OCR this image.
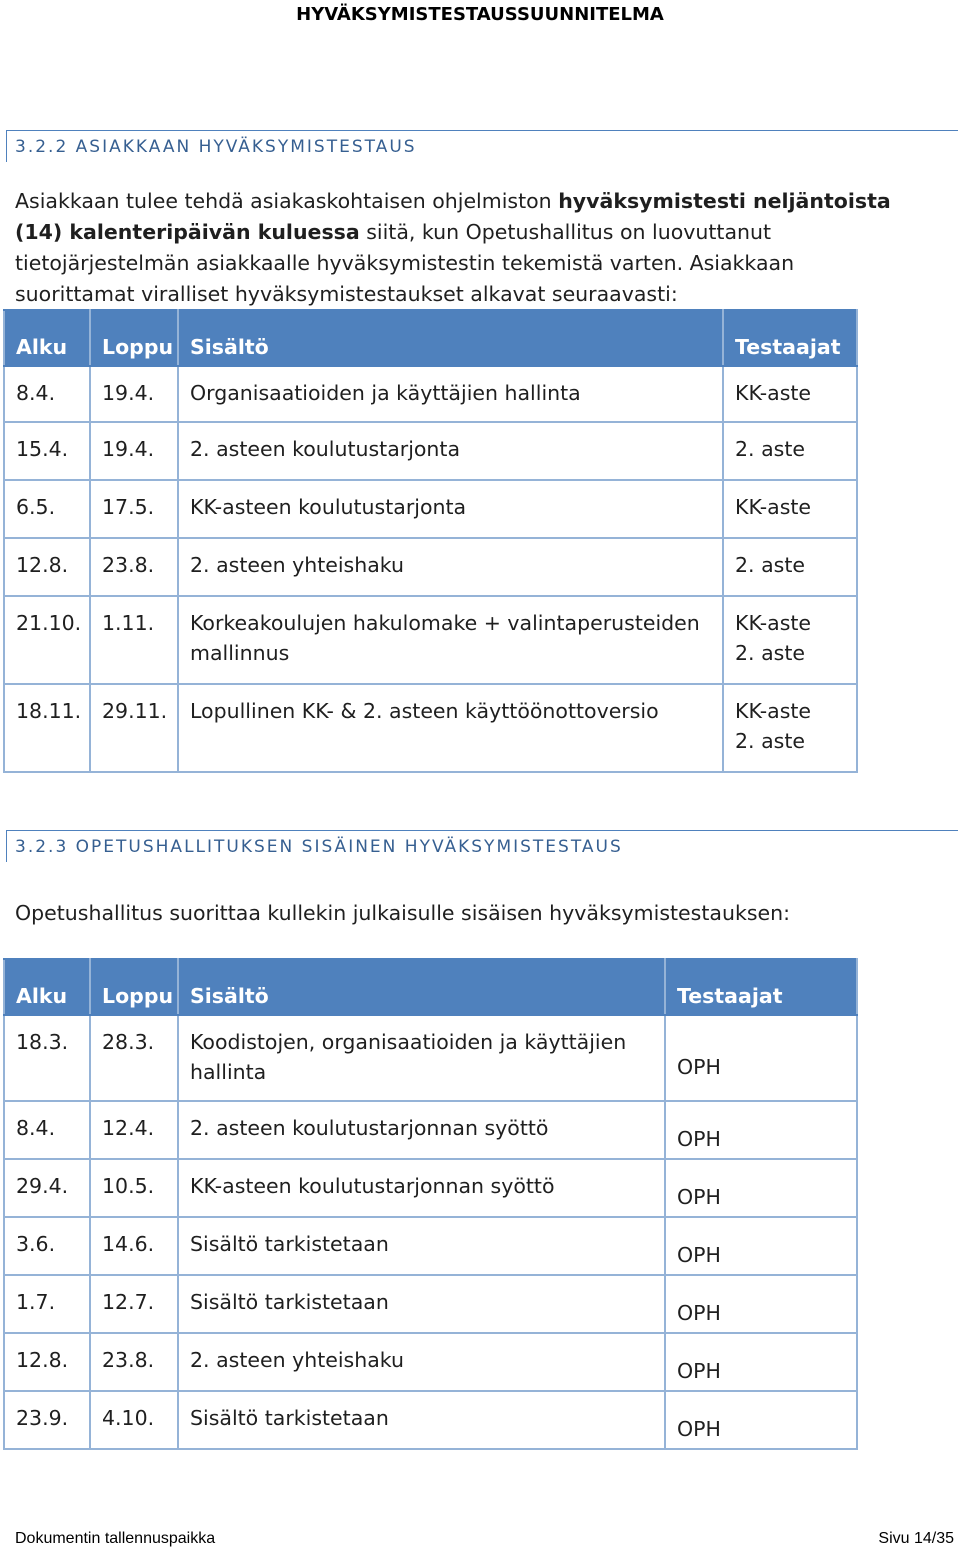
HYVÄKSYMISTESTAUSSUUNNITELMA
3.2.2 ASIAKKAAN HYVÄKSYMISTESTAUS
Asiakkaan tulee tehdä asiakaskohtaisen ohjelmiston hyväksymistesti neljäntoista (14) kalenteripäivän kuluessa siitä, kun Opetushallitus on luovuttanut tietojärjestelmän asiakkaalle hyväksymistestin tekemistä varten. Asiakkaan suorittamat viralliset hyväksymistestaukset alkavat seuraavasti:
Alku	Loppu	Sisältö	Testaajat
8.4.	19.4.	Organisaatioiden ja käyttäjien hallinta	KK-aste
15.4.	19.4.	2. asteen koulutustarjonta	2. aste
6.5.	17.5.	KK-asteen koulutustarjonta	KK-aste
12.8.	23.8.	2. asteen yhteishaku	2. aste
21.10.	1.11.	Korkeakoulujen hakulomake + valintaperusteiden mallinnus	KK-aste
2. aste
18.11.	29.11.	Lopullinen KK- & 2. asteen käyttöönottoversio	KK-aste
2. aste
3.2.3 OPETUSHALLITUKSEN SISÄINEN HYVÄKSYMISTESTAUS
Opetushallitus suorittaa kullekin julkaisulle sisäisen hyväksymistestauksen:
Alku	Loppu	Sisältö	Testaajat
18.3.	28.3.	Koodistojen, organisaatioiden ja käyttäjien hallinta	OPH
8.4.	12.4.	2. asteen koulutustarjonnan syöttö	OPH
29.4.	10.5.	KK-asteen koulutustarjonnan syöttö	OPH
3.6.	14.6.	Sisältö tarkistetaan	OPH
1.7.	12.7.	Sisältö tarkistetaan	OPH
12.8.	23.8.	2. asteen yhteishaku	OPH
23.9.	4.10.	Sisältö tarkistetaan	OPH
Dokumentin tallennuspaikka	Sivu 14/35
